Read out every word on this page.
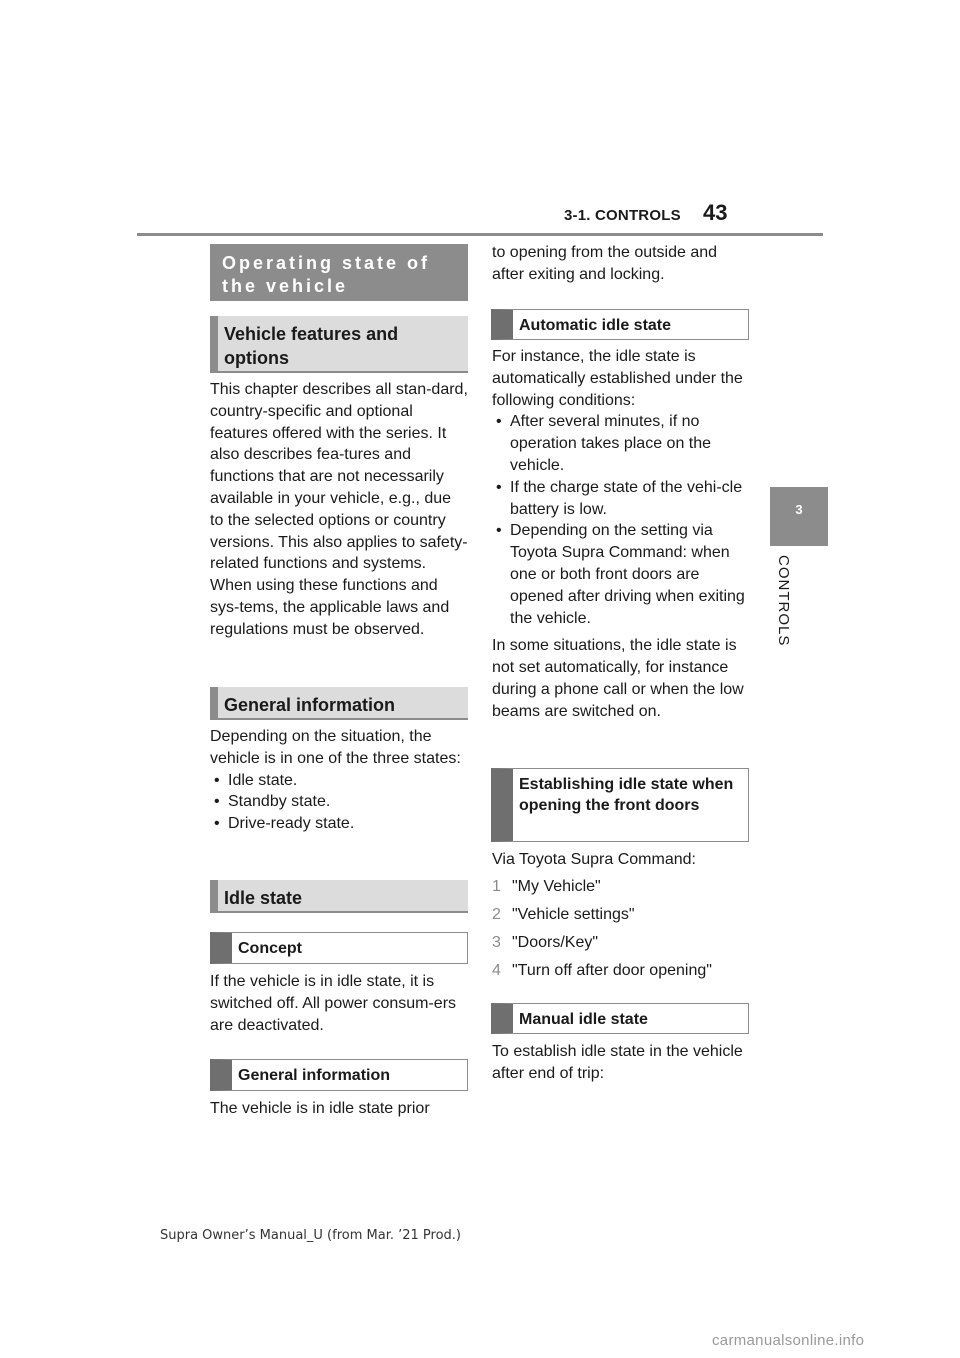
3-1. CONTROLS 43
3
CONTROLS
Operating state of the vehicle
Vehicle features and options

This chapter describes all stan-dard, country-specific and optional features offered with the series. It also describes fea-tures and functions that are not necessarily available in your vehicle, e.g., due to the selected options or country versions. This also applies to safety-related functions and systems. When using these functions and sys-tems, the applicable laws and regulations must be observed.

General information

Depending on the situation, the vehicle is in one of the three states:

• Idle state.
• Standby state.
• Drive-ready state.
Idle state
Concept

If the vehicle is in idle state, it is switched off. All power consum-ers are deactivated.

General information

The vehicle is in idle state prior

to opening from the outside and after exiting and locking.

Automatic idle state

For instance, the idle state is automatically established under the following conditions:

• After several minutes, if no operation takes place on the vehicle.
• If the charge state of the vehi-cle battery is low.
• Depending on the setting via Toyota Supra Command: when one or both front doors are opened after driving when exiting the vehicle.

In some situations, the idle state is not set automatically, for instance during a phone call or when the low beams are switched on.

Establishing idle state when opening the front doors

Via Toyota Supra Command:

1 "My Vehicle"
2 "Vehicle settings"
3 "Doors/Key"
4 "Turn off after door opening"
Manual idle state

To establish idle state in the vehicle after end of trip:

Supra Owner’s Manual_U (from Mar. ’21 Prod.)
carmanualsonline.info
